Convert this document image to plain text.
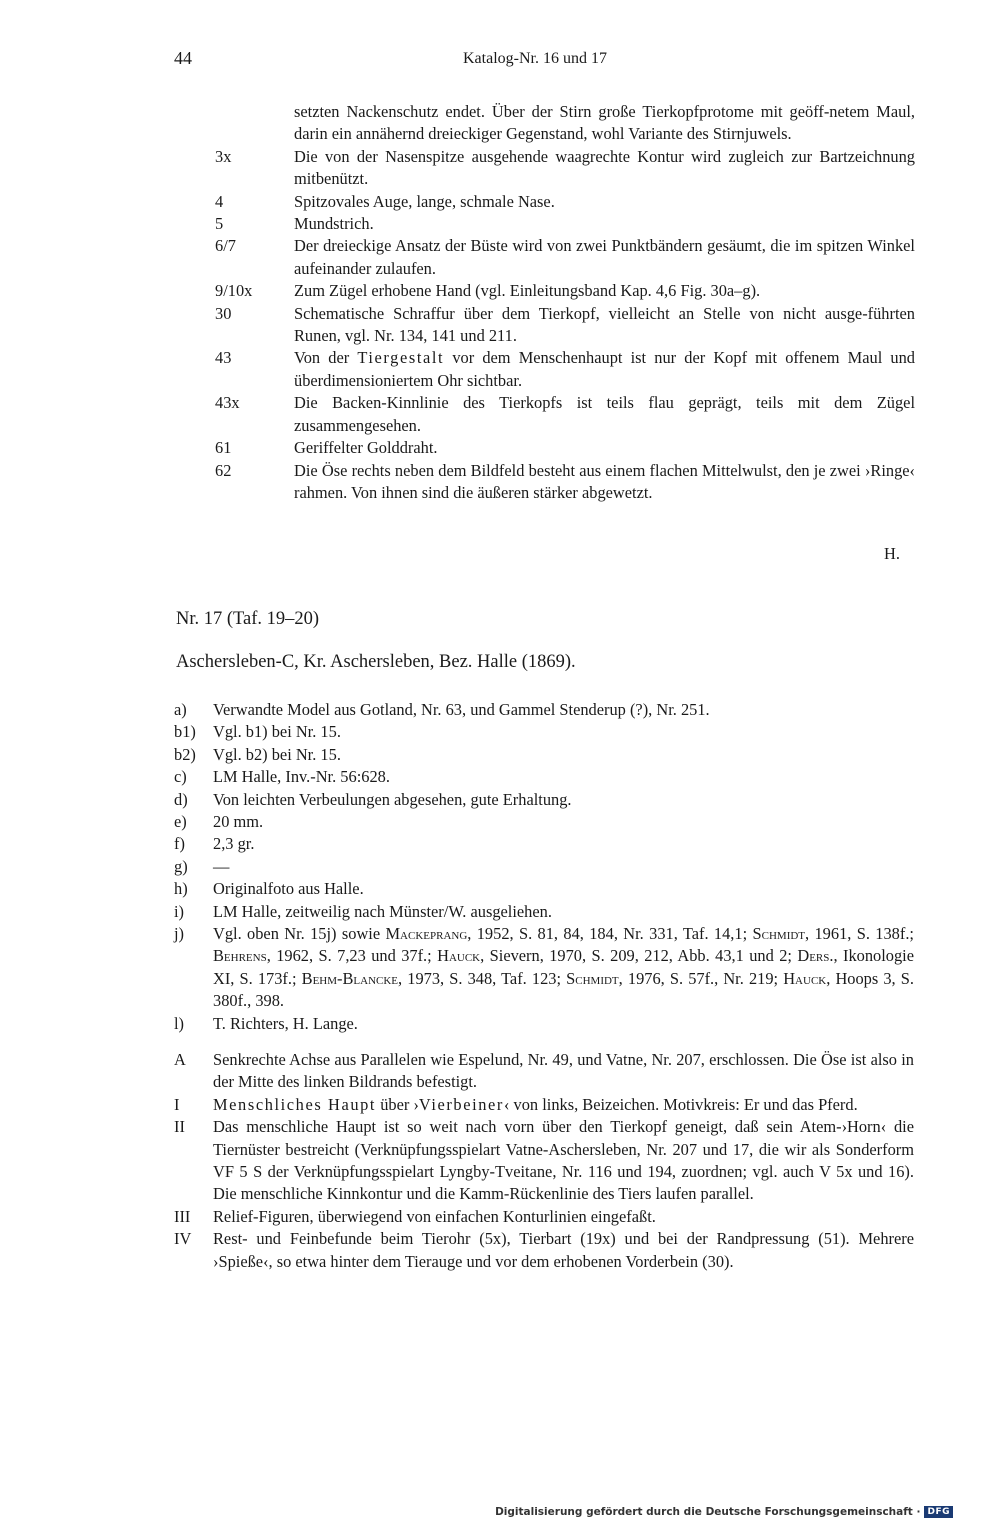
44	Katalog-Nr. 16 und 17
setzten Nackenschutz endet. Über der Stirn große Tierkopfprotome mit geöff-netem Maul, darin ein annähernd dreieckiger Gegenstand, wohl Variante des Stirnjuwels.
3x	Die von der Nasenspitze ausgehende waagrechte Kontur wird zugleich zur Bartzeichnung mitbenützt.
4	Spitzovales Auge, lange, schmale Nase.
5	Mundstrich.
6/7	Der dreieckige Ansatz der Büste wird von zwei Punktbändern gesäumt, die im spitzen Winkel aufeinander zulaufen.
9/10x	Zum Zügel erhobene Hand (vgl. Einleitungsband Kap. 4,6 Fig. 30a–g).
30	Schematische Schraffur über dem Tierkopf, vielleicht an Stelle von nicht ausge-führten Runen, vgl. Nr. 134, 141 und 211.
43	Von der Tiergestalt vor dem Menschenhaupt ist nur der Kopf mit offenem Maul und überdimensioniertem Ohr sichtbar.
43x	Die Backen-Kinnlinie des Tierkopfs ist teils flau geprägt, teils mit dem Zügel zusammengesehen.
61	Geriffelter Golddraht.
62	Die Öse rechts neben dem Bildfeld besteht aus einem flachen Mittelwulst, den je zwei ›Ringe‹ rahmen. Von ihnen sind die äußeren stärker abgewetzt.
H.
Nr. 17 (Taf. 19–20)
Aschersleben-C, Kr. Aschersleben, Bez. Halle (1869).
a)	Verwandte Model aus Gotland, Nr. 63, und Gammel Stenderup (?), Nr. 251.
b1)	Vgl. b1) bei Nr. 15.
b2)	Vgl. b2) bei Nr. 15.
c)	LM Halle, Inv.-Nr. 56:628.
d)	Von leichten Verbeulungen abgesehen, gute Erhaltung.
e)	20 mm.
f)	2,3 gr.
g)	—
h)	Originalfoto aus Halle.
i)	LM Halle, zeitweilig nach Münster/W. ausgeliehen.
j)	Vgl. oben Nr. 15j) sowie Mackeprang, 1952, S. 81, 84, 184, Nr. 331, Taf. 14,1; Schmidt, 1961, S. 138f.; Behrens, 1962, S. 7,23 und 37f.; Hauck, Sievern, 1970, S. 209, 212, Abb. 43,1 und 2; Ders., Ikonologie XI, S. 173f.; Behm-Blancke, 1973, S. 348, Taf. 123; Schmidt, 1976, S. 57f., Nr. 219; Hauck, Hoops 3, S. 380f., 398.
l)	T. Richters, H. Lange.
A	Senkrechte Achse aus Parallelen wie Espelund, Nr. 49, und Vatne, Nr. 207, erschlossen. Die Öse ist also in der Mitte des linken Bildrands befestigt.
I	Menschliches Haupt über ›Vierbeiner‹ von links, Beizeichen. Motivkreis: Er und das Pferd.
II	Das menschliche Haupt ist so weit nach vorn über den Tierkopf geneigt, daß sein Atem-›Horn‹ die Tiernüster bestreicht (Verknüpfungsspielart Vatne-Aschersleben, Nr. 207 und 17, die wir als Sonderform VF 5 S der Verknüpfungsspielart Lyngby-Tveitane, Nr. 116 und 194, zuordnen; vgl. auch V 5x und 16). Die menschliche Kinnkontur und die Kamm-Rückenlinie des Tiers laufen parallel.
III	Relief-Figuren, überwiegend von einfachen Konturlinien eingefaßt.
IV	Rest- und Feinbefunde beim Tierohr (5x), Tierbart (19x) und bei der Randpressung (51). Mehrere ›Spieße‹, so etwa hinter dem Tierauge und vor dem erhobenen Vorderbein (30).
Digitalisierung gefördert durch die Deutsche Forschungsgemeinschaft · DFG
